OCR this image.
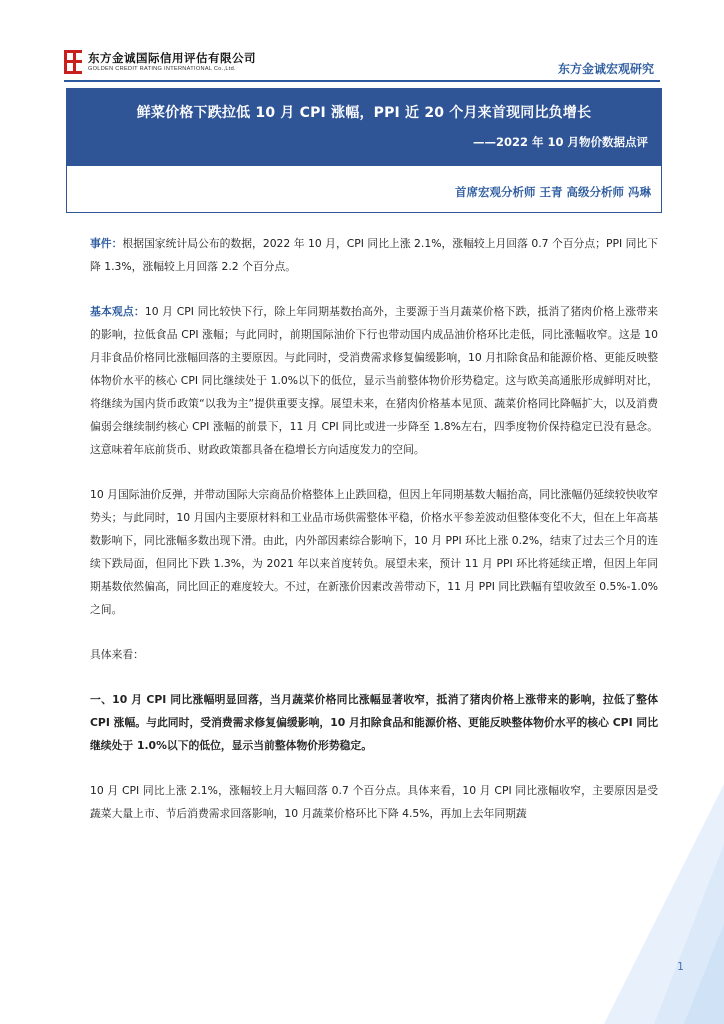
东方金诚国际信用评估有限公司
GOLDEN CREDIT RATING INTERNATIONAL Co.,Ltd.	东方金诚宏观研究
鲜菜价格下跌拉低 10 月 CPI 涨幅，PPI 近 20 个月来首现同比负增长
——2022 年 10 月物价数据点评
首席宏观分析师 王青 高级分析师 冯琳

事件：根据国家统计局公布的数据，2022 年 10 月，CPI 同比上涨 2.1%，涨幅较上月回落 0.7 个百分点；PPI 同比下降 1.3%，涨幅较上月回落 2.2 个百分点。

基本观点：10 月 CPI 同比较快下行，除上年同期基数抬高外，主要源于当月蔬菜价格下跌，抵消了猪肉价格上涨带来的影响，拉低食品 CPI 涨幅；与此同时，前期国际油价下行也带动国内成品油价格环比走低，同比涨幅收窄。这是 10 月非食品价格同比涨幅回落的主要原因。与此同时，受消费需求修复偏缓影响，10 月扣除食品和能源价格、更能反映整体物价水平的核心 CPI 同比继续处于 1.0%以下的低位，显示当前整体物价形势稳定。这与欧美高通胀形成鲜明对比，将继续为国内货币政策“以我为主”提供重要支撑。展望未来，在猪肉价格基本见顶、蔬菜价格同比降幅扩大，以及消费偏弱会继续制约核心 CPI 涨幅的前景下，11 月 CPI 同比或进一步降至 1.8%左右，四季度物价保持稳定已没有悬念。这意味着年底前货币、财政政策都具备在稳增长方向适度发力的空间。

10 月国际油价反弹，并带动国际大宗商品价格整体上止跌回稳，但因上年同期基数大幅抬高，同比涨幅仍延续较快收窄势头；与此同时，10 月国内主要原材料和工业品市场供需整体平稳，价格水平参差波动但整体变化不大，但在上年高基数影响下，同比涨幅多数出现下滑。由此，内外部因素综合影响下，10 月 PPI 环比上涨 0.2%，结束了过去三个月的连续下跌局面，但同比下跌 1.3%，为 2021 年以来首度转负。展望未来，预计 11 月 PPI 环比将延续正增，但因上年同期基数依然偏高，同比回正的难度较大。不过，在新涨价因素改善带动下，11 月 PPI 同比跌幅有望收敛至 0.5%-1.0%之间。

具体来看：

一、10 月 CPI 同比涨幅明显回落，当月蔬菜价格同比涨幅显著收窄，抵消了猪肉价格上涨带来的影响，拉低了整体 CPI 涨幅。与此同时，受消费需求修复偏缓影响，10 月扣除食品和能源价格、更能反映整体物价水平的核心 CPI 同比继续处于 1.0%以下的低位，显示当前整体物价形势稳定。

10 月 CPI 同比上涨 2.1%，涨幅较上月大幅回落 0.7 个百分点。具体来看，10 月 CPI 同比涨幅收窄，主要原因是受蔬菜大量上市、节后消费需求回落影响，10 月蔬菜价格环比下降 4.5%，再加上去年同期蔬

1
